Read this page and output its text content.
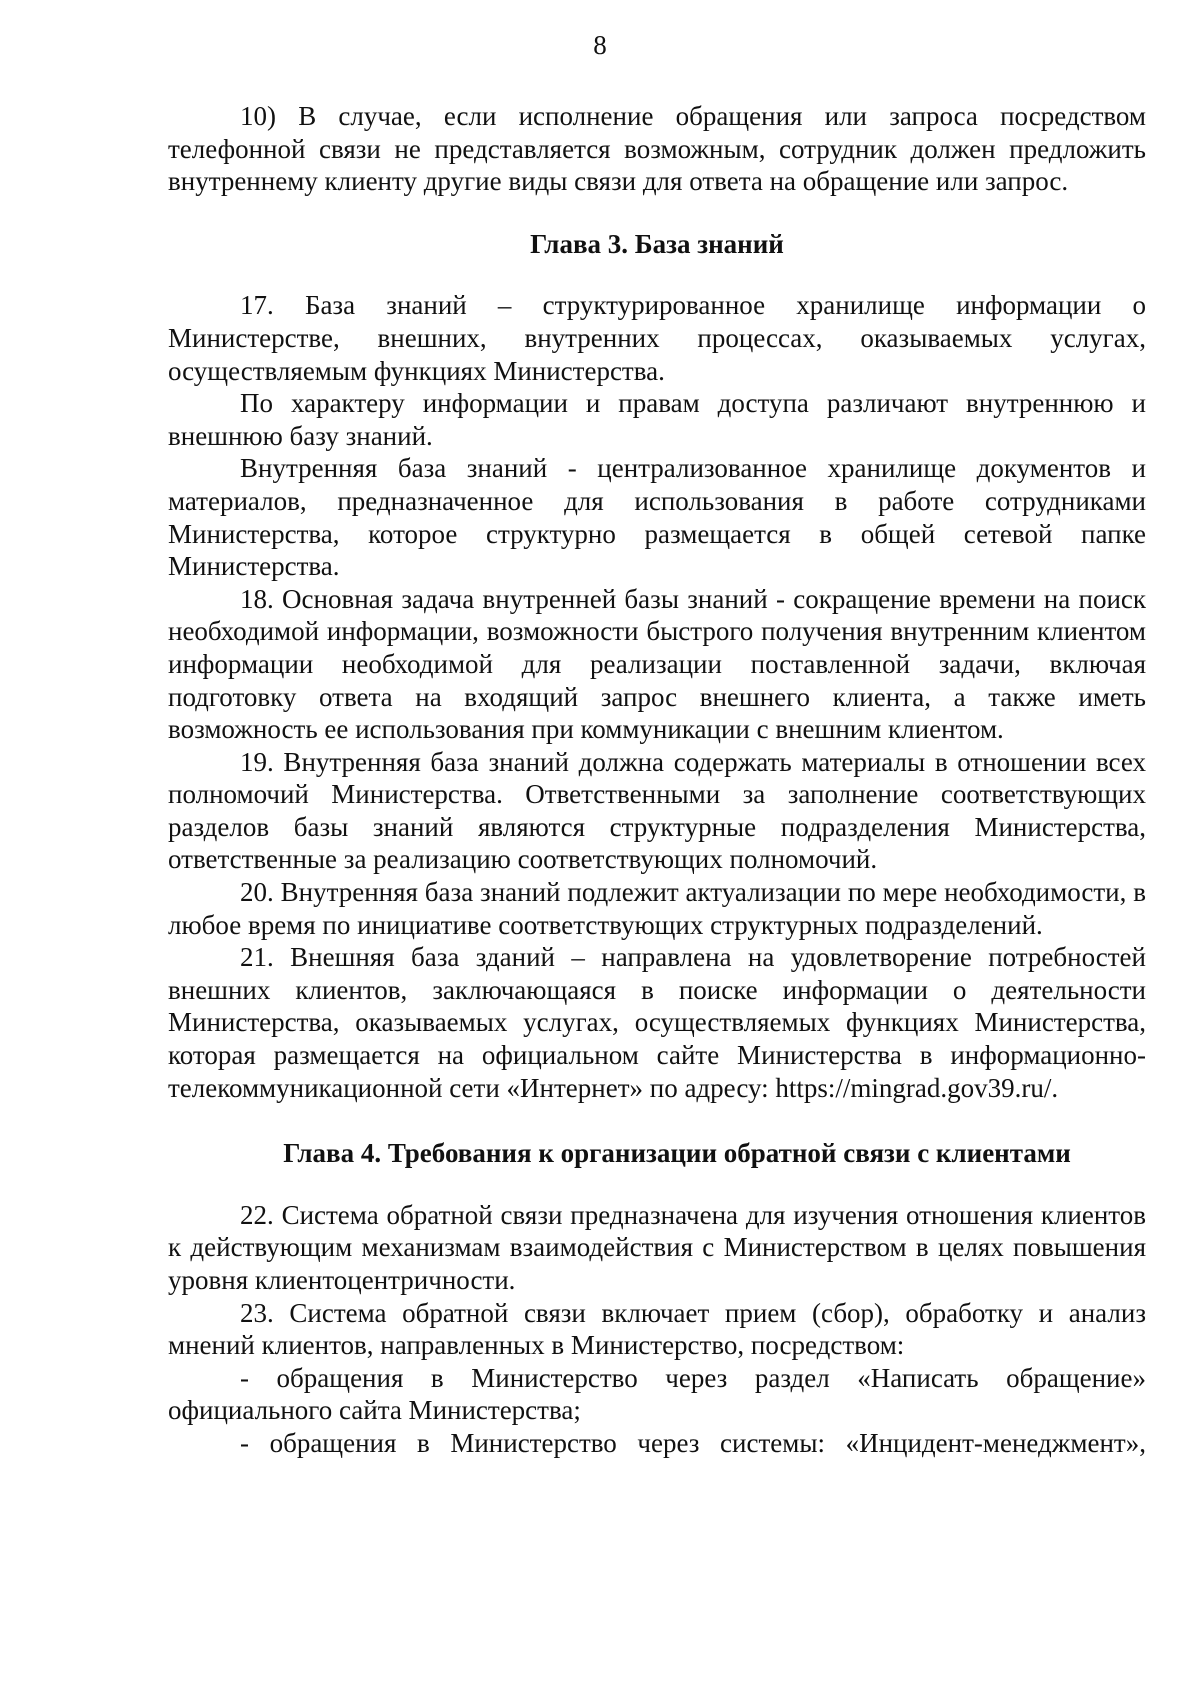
8

10) В случае, если исполнение обращения или запроса посредством телефонной связи не представляется возможным, сотрудник должен предложить внутреннему клиенту другие виды связи для ответа на обращение или запрос.

Глава 3. База знаний

17. База знаний – структурированное хранилище информации о Министерстве, внешних, внутренних процессах, оказываемых услугах, осуществляемым функциях Министерства.

По характеру информации и правам доступа различают внутреннюю и внешнюю базу знаний.

Внутренняя база знаний - централизованное хранилище документов и материалов, предназначенное для использования в работе сотрудниками Министерства, которое структурно размещается в общей сетевой папке Министерства.

18. Основная задача внутренней базы знаний - сокращение времени на поиск необходимой информации, возможности быстрого получения внутренним клиентом информации необходимой для реализации поставленной задачи, включая подготовку ответа на входящий запрос внешнего клиента, а также иметь возможность ее использования при коммуникации с внешним клиентом.

19. Внутренняя база знаний должна содержать материалы в отношении всех полномочий Министерства. Ответственными за заполнение соответствующих разделов базы знаний являются структурные подразделения Министерства, ответственные за реализацию соответствующих полномочий.

20. Внутренняя база знаний подлежит актуализации по мере необходимости, в любое время по инициативе соответствующих структурных подразделений.

21. Внешняя база зданий – направлена на удовлетворение потребностей внешних клиентов, заключающаяся в поиске информации о деятельности Министерства, оказываемых услугах, осуществляемых функциях Министерства, которая размещается на официальном сайте Министерства в информационно-телекоммуникационной сети «Интернет» по адресу: https://mingrad.gov39.ru/.

Глава 4. Требования к организации обратной связи с клиентами

22. Система обратной связи предназначена для изучения отношения клиентов к действующим механизмам взаимодействия с Министерством в целях повышения уровня клиентоцентричности.

23. Система обратной связи включает прием (сбор), обработку и анализ мнений клиентов, направленных в Министерство, посредством:

- обращения в Министерство через раздел «Написать обращение» официального сайта Министерства;

- обращения в Министерство через системы: «Инцидент-менеджмент»,
